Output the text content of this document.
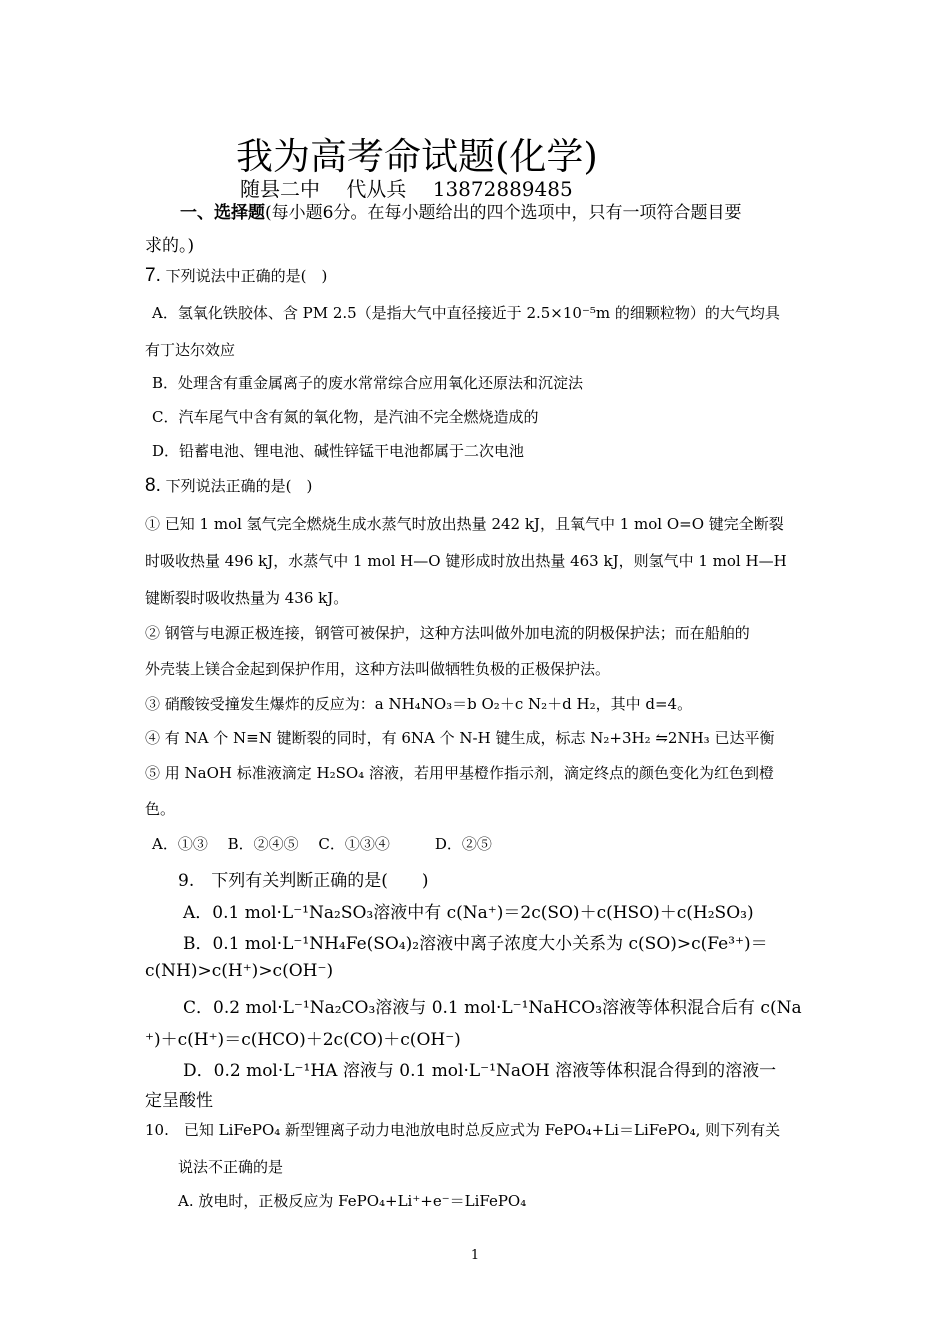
我为高考命试题(化学)
随县二中 代从兵 13872889485
一、选择题(每小题6分。在每小题给出的四个选项中，只有一项符合题目要
求的。)
7. 下列说法中正确的是(　)
A．氢氧化铁胶体、含 PM 2.5（是指大气中直径接近于 2.5×10⁻⁵m 的细颗粒物）的大气均具
有丁达尔效应
B．处理含有重金属离子的废水常常综合应用氧化还原法和沉淀法
C．汽车尾气中含有氮的氧化物，是汽油不完全燃烧造成的
D．铅蓄电池、锂电池、碱性锌锰干电池都属于二次电池
8. 下列说法正确的是(　)
① 已知 1 mol 氢气完全燃烧生成水蒸气时放出热量 242 kJ，且氧气中 1 mol O=O 键完全断裂
时吸收热量 496 kJ，水蒸气中 1 mol H—O 键形成时放出热量 463 kJ，则氢气中 1 mol H—H
键断裂时吸收热量为 436 kJ。
② 钢管与电源正极连接，钢管可被保护，这种方法叫做外加电流的阴极保护法；而在船舶的
外壳装上镁合金起到保护作用，这种方法叫做牺牲负极的正极保护法。
③ 硝酸铵受撞发生爆炸的反应为：a NH₄NO₃＝b O₂＋c N₂＋d H₂，其中 d=4。
④ 有 NA 个 N≡N 键断裂的同时，有 6NA 个 N-H 键生成，标志 N₂+3H₂ ⇋2NH₃ 已达平衡
⑤ 用 NaOH 标准液滴定 H₂SO₄ 溶液，若用甲基橙作指示剂，滴定终点的颜色变化为红色到橙
色。
A．①③　 B．②④⑤　 C．①③④　　　D．②⑤
9.　下列有关判断正确的是(　　)
A．0.1 mol·L⁻¹Na₂SO₃溶液中有 c(Na⁺)＝2c(SO)＋c(HSO)＋c(H₂SO₃)
B．0.1 mol·L⁻¹NH₄Fe(SO₄)₂溶液中离子浓度大小关系为 c(SO)>c(Fe³⁺)＝
c(NH)>c(H⁺)>c(OH⁻)
C．0.2 mol·L⁻¹Na₂CO₃溶液与 0.1 mol·L⁻¹NaHCO₃溶液等体积混合后有 c(Na
⁺)＋c(H⁺)＝c(HCO)＋2c(CO)＋c(OH⁻)
D．0.2 mol·L⁻¹HA 溶液与 0.1 mol·L⁻¹NaOH 溶液等体积混合得到的溶液一
定呈酸性
10.　已知 LiFePO₄ 新型锂离子动力电池放电时总反应式为 FePO₄+Li＝LiFePO₄, 则下列有关
说法不正确的是
A. 放电时，正极反应为 FePO₄+Li⁺+e⁻＝LiFePO₄
1
